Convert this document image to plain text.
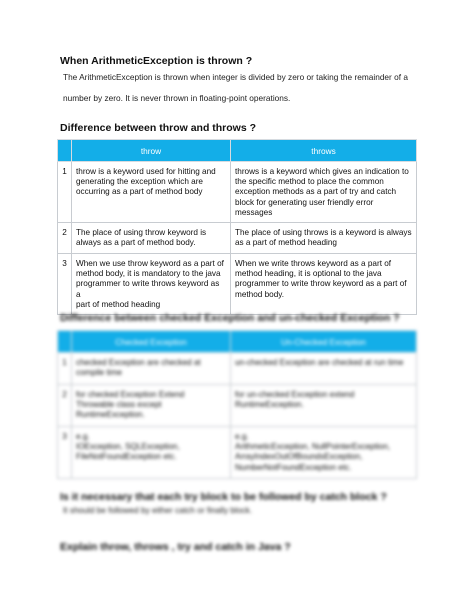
When ArithmeticException is thrown ?
The ArithmeticException is thrown when integer is divided by zero or taking the remainder of a
number by zero. It is never thrown in floating-point operations.
Difference between throw and throws ?
	throw	throws
1	throw is a keyword used for hitting and
generating the exception which are
occurring as a part of method body	throws is a keyword which gives an indication to
the specific method to place the common
exception methods as a part of try and catch
block for generating user friendly error messages

2	The place of using throw keyword is
always as a part of method body.	The place of using throws is a keyword is always
as a part of method heading

3	When we use throw keyword as a part of
method body, it is mandatory to the java
programmer to write throws keyword as a
part of method heading	When we write throws keyword as a part of
method heading, it is optional to the java
programmer to write throw keyword as a part of
method body.
Difference between checked Exception and un-checked Exception ?
	Checked Exception	Un-Checked Exception
1	checked Exception are checked at
compile time	un-checked Exception are checked at run time

2	for checked Exception Extend
Throwable class except
RuntimeException.	for un-checked Exception extend RuntimeException.

3	e.g.
IOException, SQLException,
FileNotFoundException etc.	e.g.
ArithmeticException, NullPointerException,
ArrayIndexOutOfBoundsException,
NumberNotFoundException etc.
Is it necessary that each try block to be followed by catch block ?
It should be followed by either catch or finally block.
Explain throw, throws , try and catch in Java ?
